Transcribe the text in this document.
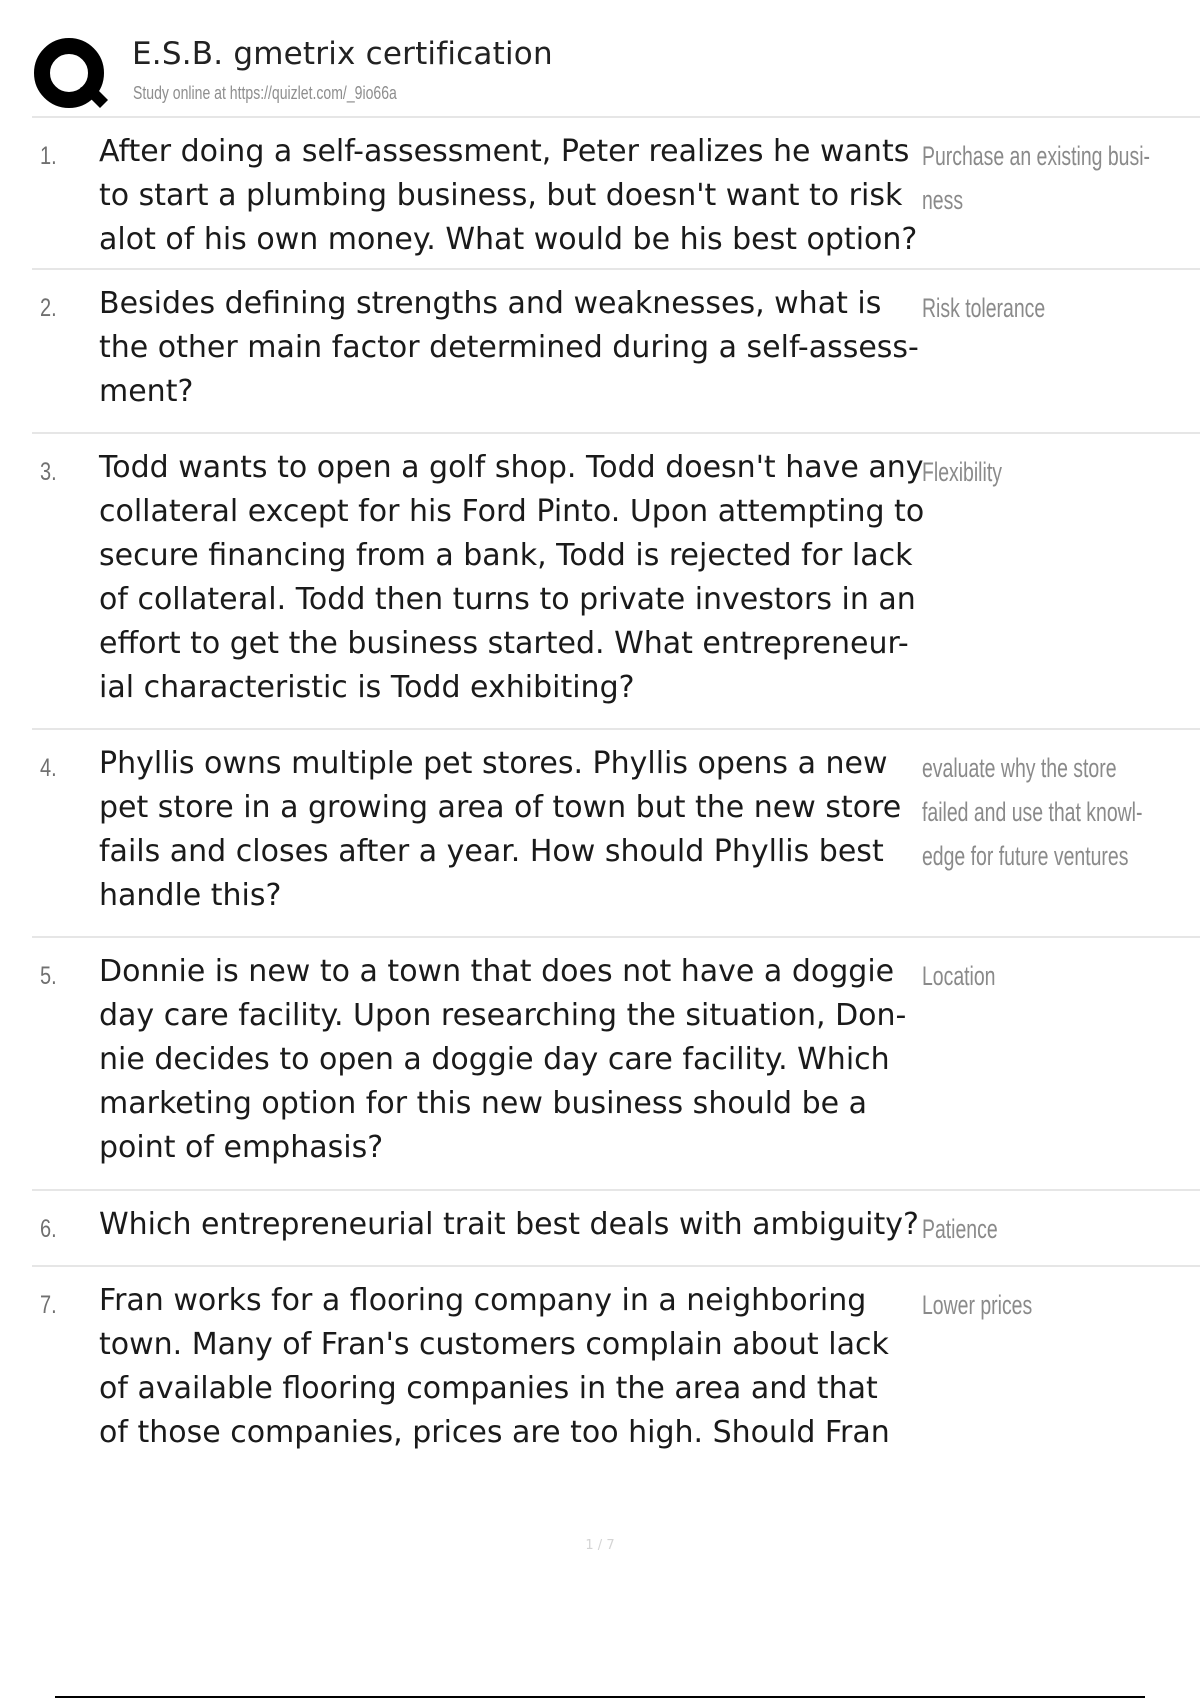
E.S.B. gmetrix certification
Study online at https://quizlet.com/_9io66a
1. After doing a self-assessment, Peter realizes he wants
to start a plumbing business, but doesn't want to risk
alot of his own money. What would be his best option?
Purchase an existing busi-
ness
2. Besides defining strengths and weaknesses, what is
the other main factor determined during a self-assess-
ment?
Risk tolerance
3. Todd wants to open a golf shop. Todd doesn't have any
collateral except for his Ford Pinto. Upon attempting to
secure financing from a bank, Todd is rejected for lack
of collateral. Todd then turns to private investors in an
effort to get the business started. What entrepreneur-
ial characteristic is Todd exhibiting?
Flexibility
4. Phyllis owns multiple pet stores. Phyllis opens a new
pet store in a growing area of town but the new store
fails and closes after a year. How should Phyllis best
handle this?
evaluate why the store
failed and use that knowl-
edge for future ventures
5. Donnie is new to a town that does not have a doggie
day care facility. Upon researching the situation, Don-
nie decides to open a doggie day care facility. Which
marketing option for this new business should be a
point of emphasis?
Location
6. Which entrepreneurial trait best deals with ambiguity? Patience
7. Fran works for a flooring company in a neighboring
town. Many of Fran's customers complain about lack
of available flooring companies in the area and that
of those companies, prices are too high. Should Fran
Lower prices
1 / 7
